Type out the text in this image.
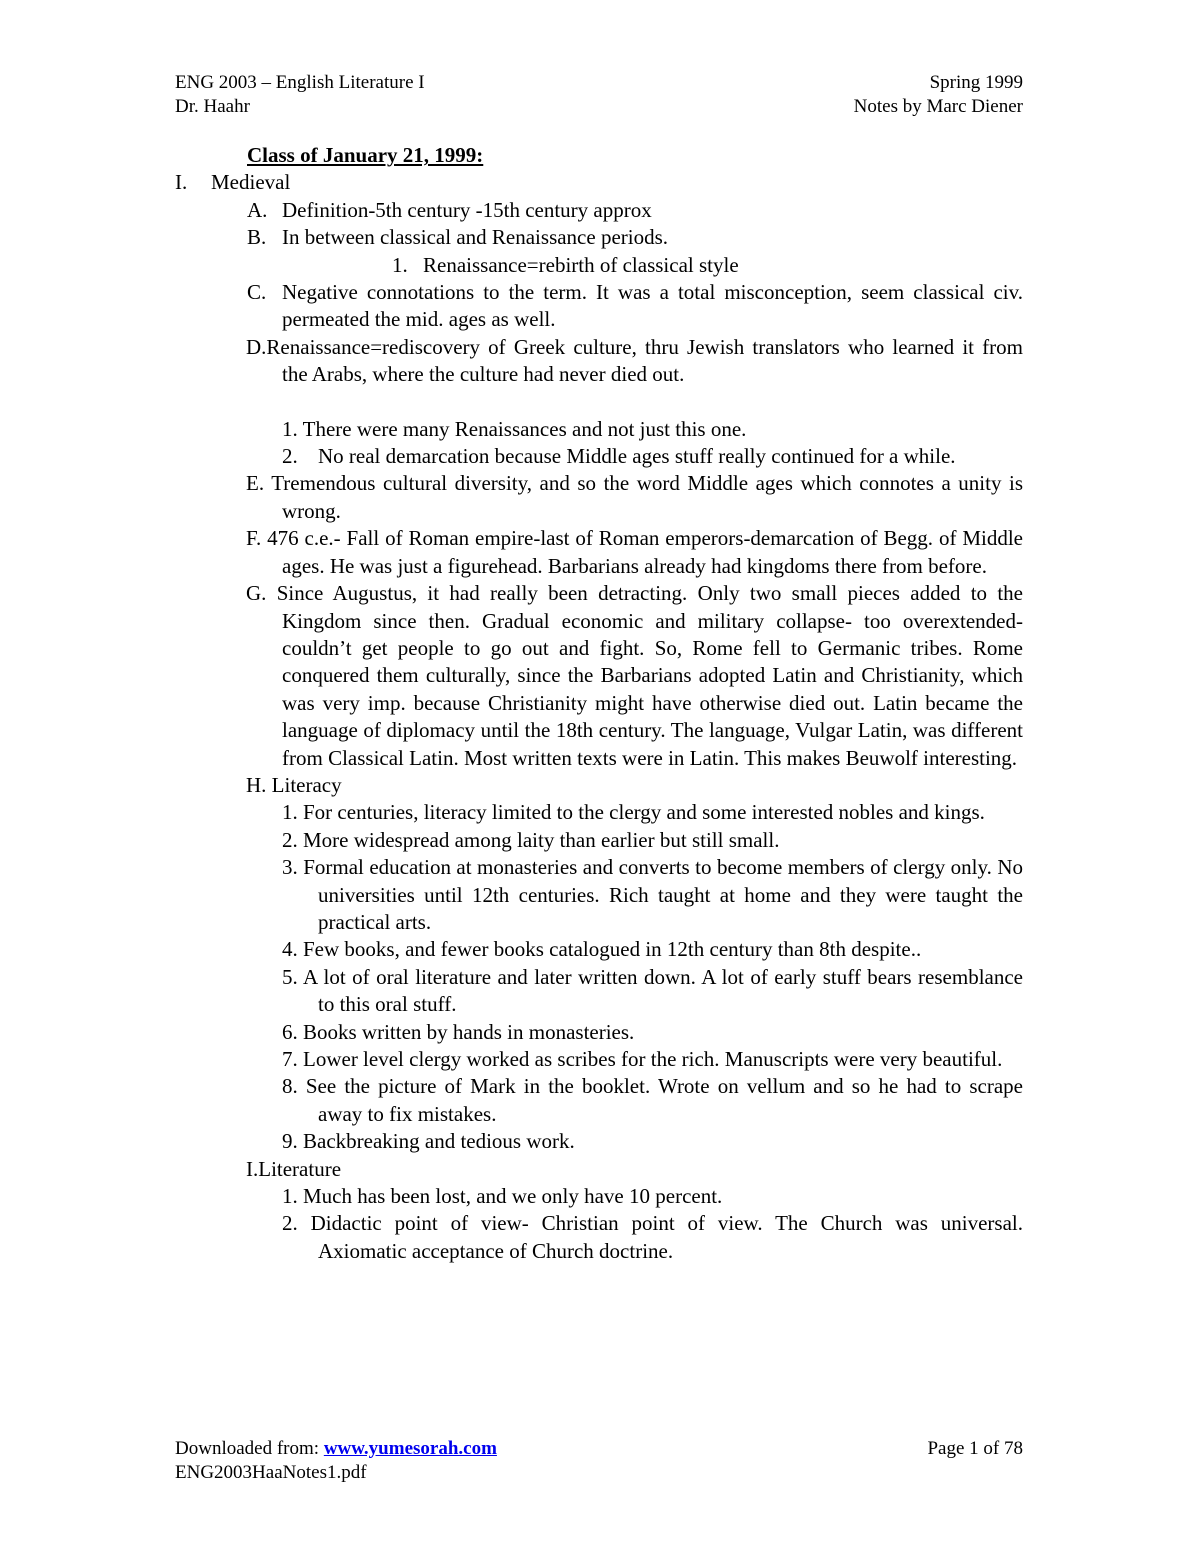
ENG 2003 – English Literature I
Dr. Haahr
Spring 1999
Notes by Marc Diener
Class of January 21, 1999:
I. Medieval
A. Definition-5th century -15th century approx
B. In between classical and Renaissance periods.
1. Renaissance=rebirth of classical style
C. Negative connotations to the term. It was a total misconception, seem classical civ. permeated the mid. ages as well.
D.Renaissance=rediscovery of Greek culture, thru Jewish translators who learned it from the Arabs, where the culture had never died out.
1. There were many Renaissances and not just this one.
2. No real demarcation because Middle ages stuff really continued for a while.
E. Tremendous cultural diversity, and so the word Middle ages which connotes a unity is wrong.
F. 476 c.e.- Fall of Roman empire-last of Roman emperors-demarcation of Begg. of Middle ages. He was just a figurehead. Barbarians already had kingdoms there from before.
G. Since Augustus, it had really been detracting. Only two small pieces added to the Kingdom since then. Gradual economic and military collapse- too overextended-couldn’t get people to go out and fight. So, Rome fell to Germanic tribes. Rome conquered them culturally, since the Barbarians adopted Latin and Christianity, which was very imp. because Christianity might have otherwise died out. Latin became the language of diplomacy until the 18th century. The language, Vulgar Latin, was different from Classical Latin. Most written texts were in Latin. This makes Beuwolf interesting.
H. Literacy
1. For centuries, literacy limited to the clergy and some interested nobles and kings.
2. More widespread among laity than earlier but still small.
3. Formal education at monasteries and converts to become members of clergy only. No universities until 12th centuries. Rich taught at home and they were taught the practical arts.
4. Few books, and fewer books catalogued in 12th century than 8th despite..
5. A lot of oral literature and later written down. A lot of early stuff bears resemblance to this oral stuff.
6. Books written by hands in monasteries.
7. Lower level clergy worked as scribes for the rich. Manuscripts were very beautiful.
8. See the picture of Mark in the booklet. Wrote on vellum and so he had to scrape away to fix mistakes.
9. Backbreaking and tedious work.
I.Literature
1. Much has been lost, and we only have 10 percent.
2. Didactic point of view- Christian point of view. The Church was universal. Axiomatic acceptance of Church doctrine.
Downloaded from: www.yumesorah.com
ENG2003HaaNotes1.pdf
Page 1 of 78
